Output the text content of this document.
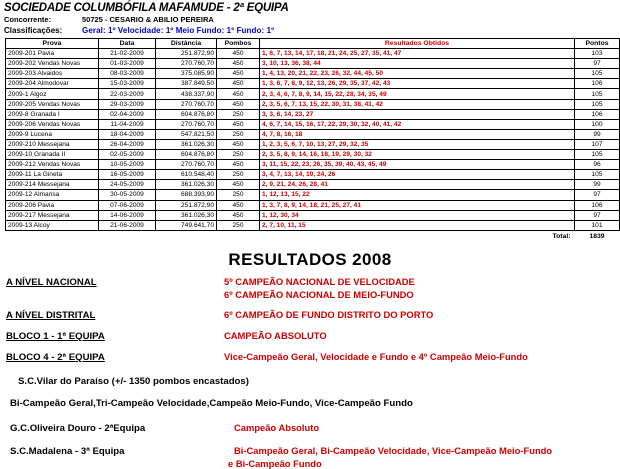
SOCIEDADE COLUMBÓFILA MAFAMUDE - 2ª EQUIPA
Concorrente:	50725 - CESARIO & ABILIO PEREIRA
Classificações:	Geral: 1º Velocidade: 1º Meio Fundo: 1º Fundo: 1º
Prova	Data	Distância	Pombos	Resultados Obtidos	Pontos
2009-201 Pavia	21-02-2009	251.872,90	450	1, 6, 7, 13, 14, 17, 18, 21, 24, 25, 27, 35, 41, 47	103
2009-202 Vendas Novas	01-03-2009	270.760,70	450	3, 10, 13, 36, 38, 44	97
2009-203 Alvaidos	08-03-2009	375.085,90	450	1, 4, 13, 20, 21, 22, 23, 26, 32, 44, 45, 50	105
2009-204 Almodovar	15-03-2009	387.849,50	450	1, 3, 6, 7, 8, 9, 12, 13, 26, 29, 35, 37, 42, 43	106
2009-1 Algoz	22-03-2009	438.337,90	450	2, 3, 4, 6, 7, 8, 9, 14, 15, 22, 28, 34, 35, 49	105
2009-205 Vendas Novas	29-03-2009	270.760,70	450	2, 3, 5, 6, 7, 13, 15, 22, 30, 31, 38, 41, 42	105
2009-8 Granada I	02-04-2009	604.876,80	250	3, 3, 6, 14, 23, 27	106
2009-206 Vendas Novas	11-04-2009	270.760,70	450	4, 6, 7, 14, 15, 16, 17, 22, 29, 30, 32, 40, 41, 42	100
2009-9 Lucena	18-04-2009	547.821,50	250	4, 7, 8, 16, 18	99
2009-210 Messejana	26-04-2009	361.026,30	450	1, 2, 3, 5, 6, 7, 10, 13, 27, 29, 32, 35	107
2009-10 Granada II	02-05-2009	604.876,80	250	2, 3, 5, 8, 9, 14, 16, 18, 19, 29, 30, 32	105
2009-212 Vendas Novas	10-05-2009	270.760,70	450	3, 11, 15, 22, 23, 26, 35, 39, 40, 43, 45, 49	96
2009-11 La Gineta	16-05-2009	610.548,40	250	3, 4, 7, 13, 14, 19, 24, 26	105
2009-214 Messejana	24-05-2009	361.026,30	450	2, 9, 21, 24, 26, 28, 41	99
2009-12 Almansa	30-05-2009	688.393,90	250	1, 12, 13, 15, 22	97
2009-206 Pavia	07-06-2009	251.872,90	450	1, 3, 7, 8, 9, 14, 18, 21, 25, 27, 41	106
2009-217 Messejana	14-06-2009	361.026,30	450	1, 12, 30, 34	97
2009-13 Alcoy	21-06-2009	749.641,70	250	2, 7, 10, 11, 15	101
				Total:	1839
RESULTADOS 2008
A NÍVEL NACIONAL	5º CAMPEÃO NACIONAL DE VELOCIDADE
6º CAMPEÃO NACIONAL DE MEIO-FUNDO
A NÍVEL DISTRITAL	6º CAMPEÃO DE FUNDO DISTRITO DO PORTO
BLOCO 1 - 1ª EQUIPA	CAMPEÃO ABSOLUTO
BLOCO 4 - 2ª EQUIPA	Vice-Campeão Geral, Velocidade e Fundo e 4º Campeão Meio-Fundo
S.C.Vilar do Paraíso (+/- 1350 pombos encastados)
Bi-Campeão Geral,Tri-Campeão Velocidade,Campeão Meio-Fundo, Vice-Campeão Fundo
G.C.Oliveira Douro - 2ªEquipa	Campeão Absoluto
S.C.Madalena - 3ª Equipa	Bi-Campeão Geral, Bi-Campeão Velocidade, Vice-Campeão Meio-Fundo
e Bi-Campeão Fundo
